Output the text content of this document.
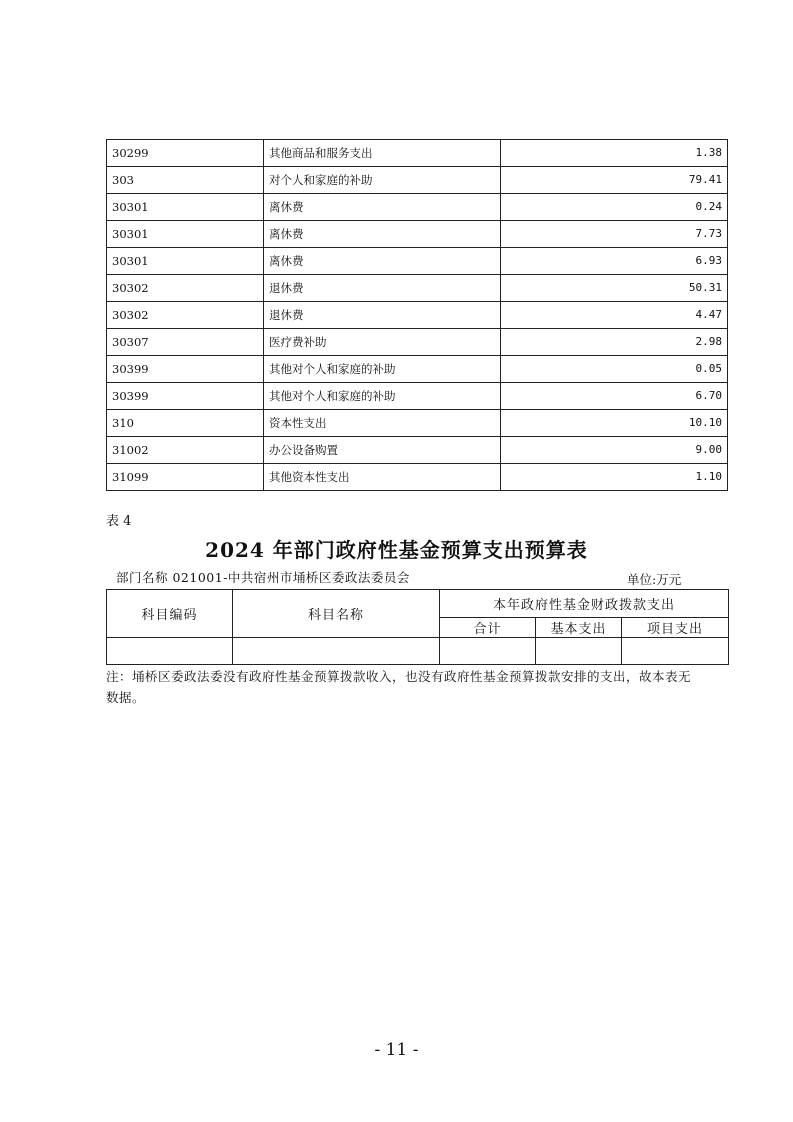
30299	其他商品和服务支出	1.38
303	对个人和家庭的补助	79.41
30301	离休费	0.24
30301	离休费	7.73
30301	离休费	6.93
30302	退休费	50.31
30302	退休费	4.47
30307	医疗费补助	2.98
30399	其他对个人和家庭的补助	0.05
30399	其他对个人和家庭的补助	6.70
310	资本性支出	10.10
31002	办公设备购置	9.00
31099	其他资本性支出	1.10
表 4
2024 年部门政府性基金预算支出预算表
部门名称 021001-中共宿州市埇桥区委政法委员会	单位:万元
科目编码	科目名称	本年政府性基金财政拨款支出		
		合计	基本支出	项目支出

注：埇桥区委政法委没有政府性基金预算拨款收入，也没有政府性基金预算拨款安排的支出，故本表无数据。
- 11 -
